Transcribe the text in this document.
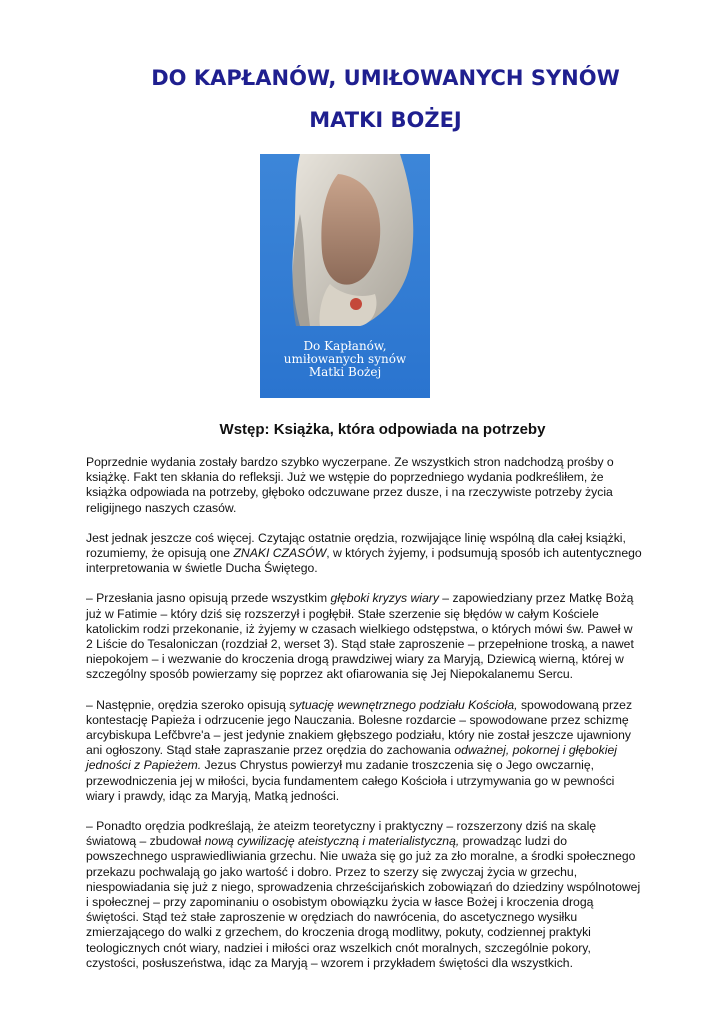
DO KAPŁANÓW, UMIŁOWANYCH SYNÓW
MATKI BOŻEJ
Do Kapłanów,
umiłowanych synów
Matki Bożej
Wstęp: Książka, która odpowiada na potrzeby

Poprzednie wydania zostały bardzo szybko wyczerpane. Ze wszystkich stron nadchodzą prośby o książkę. Fakt ten skłania do refleksji. Już we wstępie do poprzedniego wydania podkreśliłem, że książka odpowiada na potrzeby, głęboko odczuwane przez dusze, i na rzeczywiste potrzeby życia religijnego naszych czasów.

Jest jednak jeszcze coś więcej. Czytając ostatnie orędzia, rozwijające linię wspólną dla całej książki, rozumiemy, że opisują one ZNAKI CZASÓW, w których żyjemy, i podsumują sposób ich autentycznego interpretowania w świetle Ducha Świętego.

– Przesłania jasno opisują przede wszystkim głęboki kryzys wiary – zapowiedziany przez Matkę Bożą już w Fatimie – który dziś się rozszerzył i pogłębił. Stałe szerzenie się błędów w całym Kościele katolickim rodzi przekonanie, iż żyjemy w czasach wielkiego odstępstwa, o których mówi św. Paweł w 2 Liście do Tesaloniczan (rozdział 2, werset 3). Stąd stałe zaproszenie – przepełnione troską, a nawet niepokojem – i wezwanie do kroczenia drogą prawdziwej wiary za Maryją, Dziewicą wierną, której w szczególny sposób powierzamy się poprzez akt ofiarowania się Jej Niepokalanemu Sercu.

– Następnie, orędzia szeroko opisują sytuację wewnętrznego podziału Kościoła, spowodowaną przez kontestację Papieża i odrzucenie jego Nauczania. Bolesne rozdarcie – spowodowane przez schizmę arcybiskupa Lefčbvre'a – jest jedynie znakiem głębszego podziału, który nie został jeszcze ujawniony ani ogłoszony. Stąd stałe zapraszanie przez orędzia do zachowania odważnej, pokornej i głębokiej jedności z Papieżem. Jezus Chrystus powierzył mu zadanie troszczenia się o Jego owczarnię, przewodniczenia jej w miłości, bycia fundamentem całego Kościoła i utrzymywania go w pewności wiary i prawdy, idąc za Maryją, Matką jedności.

– Ponadto orędzia podkreślają, że ateizm teoretyczny i praktyczny – rozszerzony dziś na skalę światową – zbudował nową cywilizację ateistyczną i materialistyczną, prowadząc ludzi do powszechnego usprawiedliwiania grzechu. Nie uważa się go już za zło moralne, a środki społecznego przekazu pochwalają go jako wartość i dobro. Przez to szerzy się zwyczaj życia w grzechu, niespowiadania się już z niego, sprowadzenia chrześcijańskich zobowiązań do dziedziny wspólnotowej i społecznej – przy zapominaniu o osobistym obowiązku życia w łasce Bożej i kroczenia drogą świętości. Stąd też stałe zaproszenie w orędziach do nawrócenia, do ascetycznego wysiłku zmierzającego do walki z grzechem, do kroczenia drogą modlitwy, pokuty, codziennej praktyki teologicznych cnót wiary, nadziei i miłości oraz wszelkich cnót moralnych, szczególnie pokory, czystości, posłuszeństwa, idąc za Maryją – wzorem i przykładem świętości dla wszystkich.
